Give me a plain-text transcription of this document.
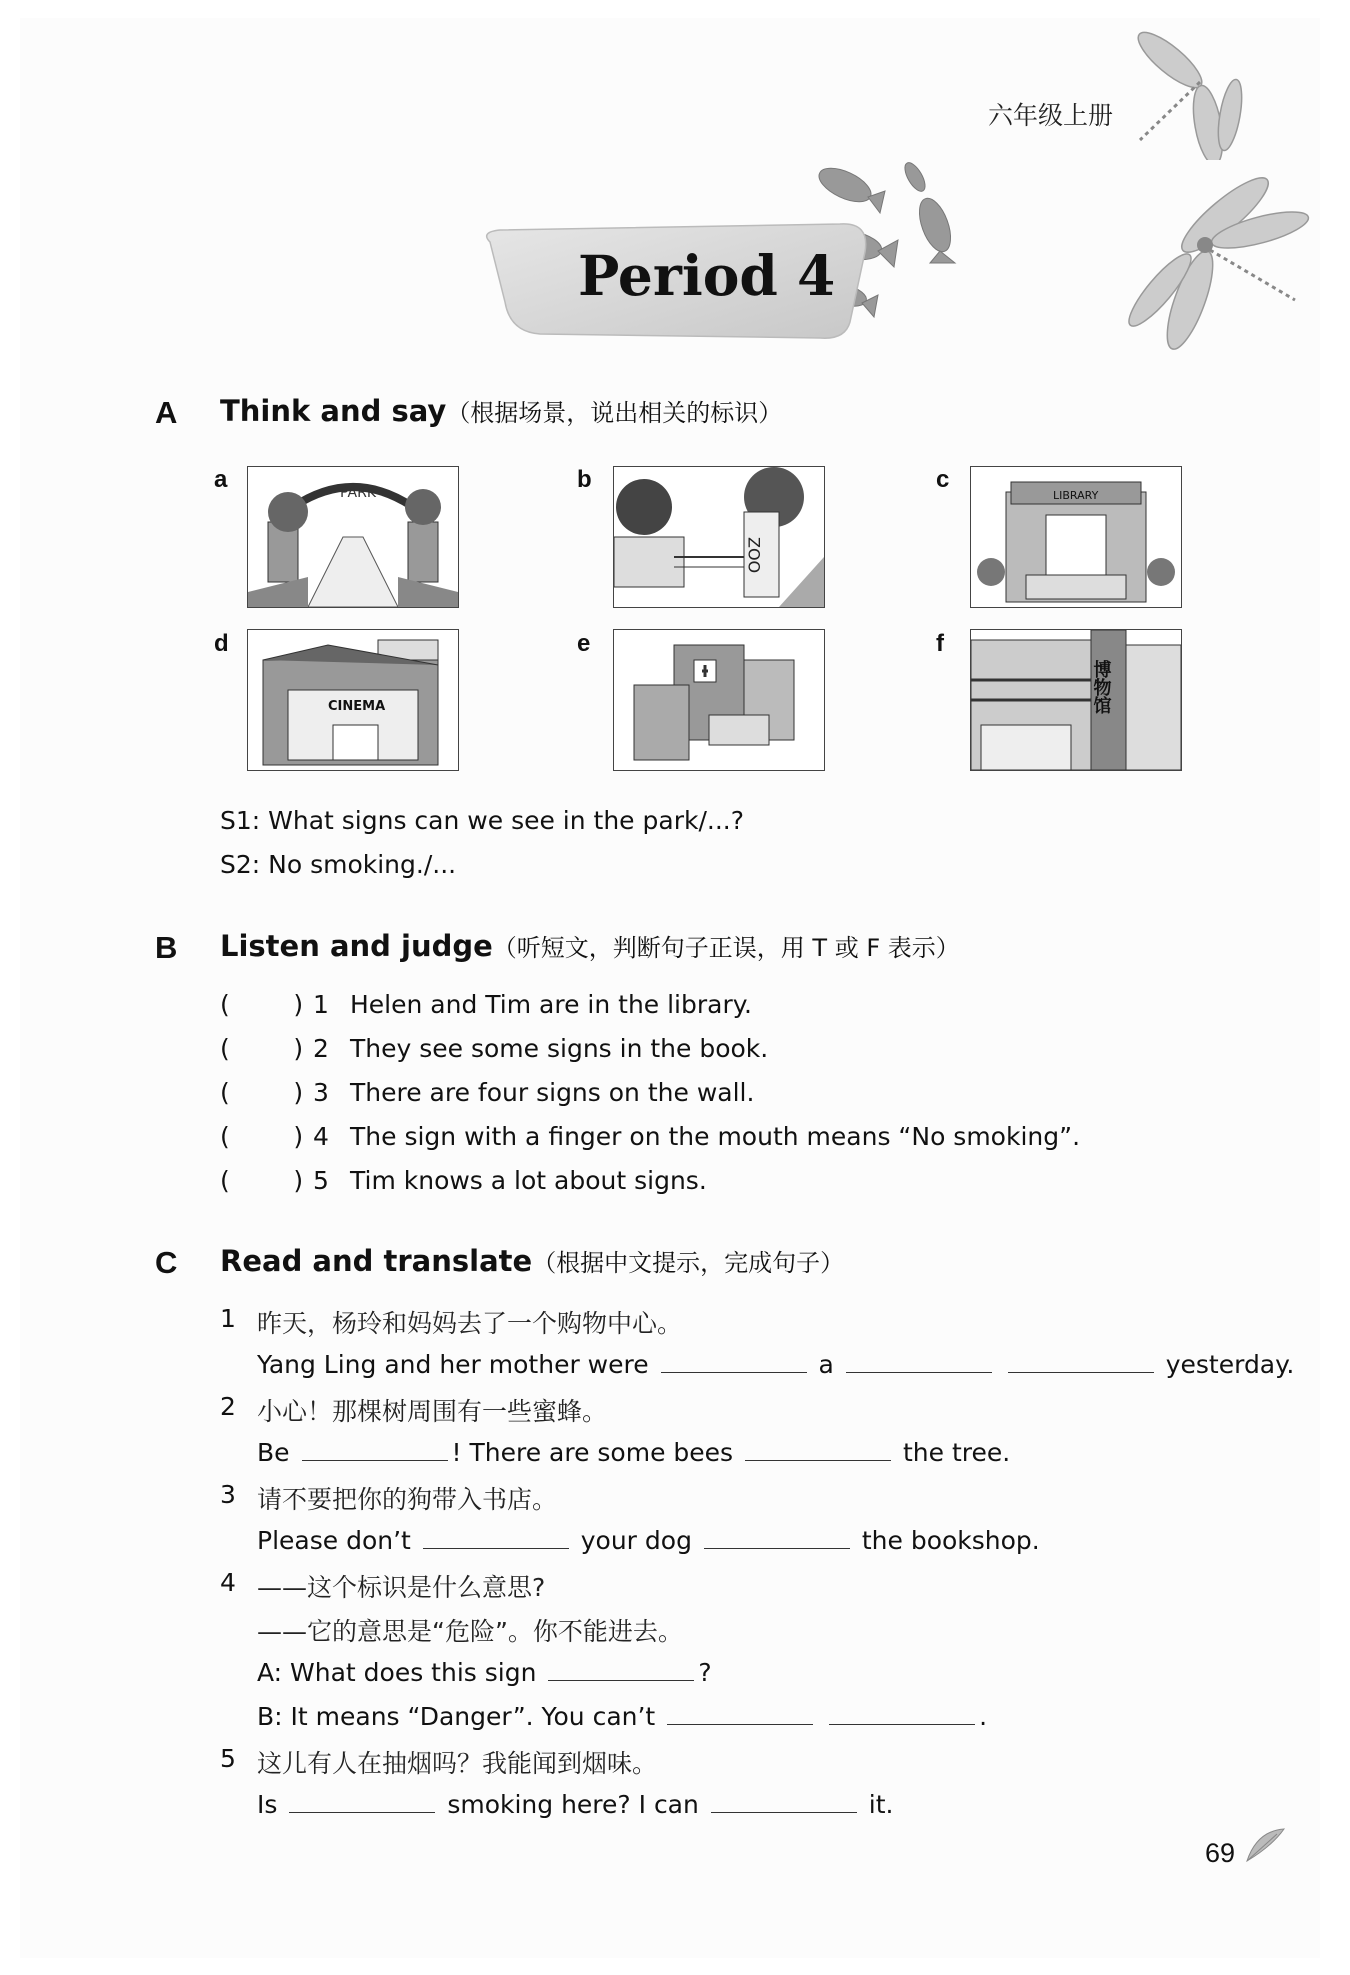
六年级上册
Period 4
A Think and say（根据场景，说出相关的标识）
a	PARK	b
ZOO
c
LIBRARY
d
CINEMA
e	f
博物馆
S1: What signs can we see in the park/...?
S2: No smoking./...
B Listen and judge（听短文，判断句子正误，用 T 或 F 表示）
(        ) 1 Helen and Tim are in the library.
(        ) 2 They see some signs in the book.
(        ) 3 There are four signs on the wall.
(        ) 4 The sign with a finger on the mouth means “No smoking”.
(        ) 5 Tim knows a lot about signs.
C Read and translate（根据中文提示，完成句子）
1 昨天，杨玲和妈妈去了一个购物中心。
Yang Ling and her mother were	a	yesterday.
2 小心！那棵树周围有一些蜜蜂。
Be	! There are some bees	the tree.
3 请不要把你的狗带入书店。
Please don’t	your dog	the bookshop.
4 ——这个标识是什么意思?
——它的意思是“危险”。你不能进去。
A: What does this sign	?
B: It means “Danger”. You can’t	.
5 这儿有人在抽烟吗？我能闻到烟味。
Is	smoking here? I can	it.
69
